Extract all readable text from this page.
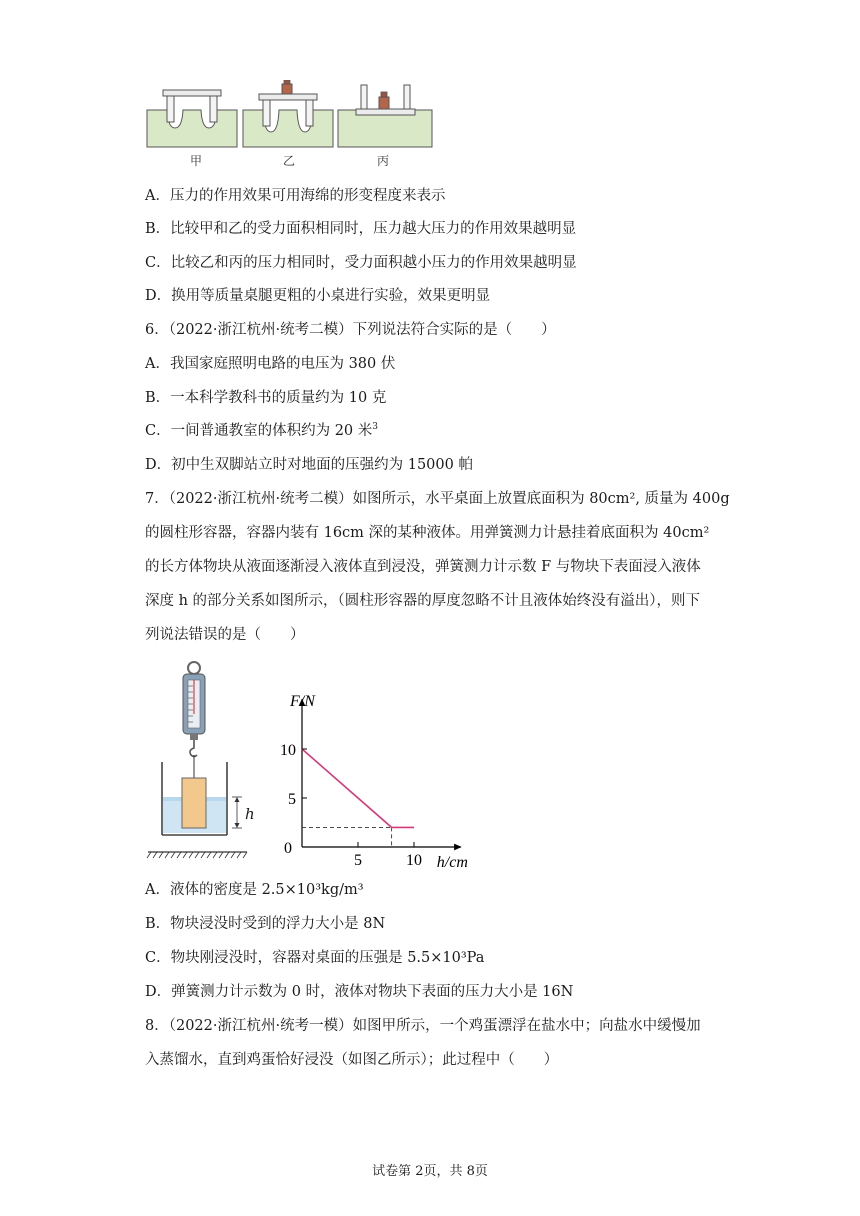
甲	乙	丙
A．压力的作用效果可用海绵的形变程度来表示
B．比较甲和乙的受力面积相同时，压力越大压力的作用效果越明显
C．比较乙和丙的压力相同时，受力面积越小压力的作用效果越明显
D．换用等质量桌腿更粗的小桌进行实验，效果更明显
6．（2022·浙江杭州·统考二模）下列说法符合实际的是（　　）
A．我国家庭照明电路的电压为 380 伏
B．一本科学教科书的质量约为 10 克
C．一间普通教室的体积约为 20 米$^3$
D．初中生双脚站立时对地面的压强约为 15000 帕
7．（2022·浙江杭州·统考二模）如图所示，水平桌面上放置底面积为 80cm², 质量为 400g
的圆柱形容器，容器内装有 16cm 深的某种液体。用弹簧测力计悬挂着底面积为 40cm²
的长方体物块从液面逐渐浸入液体直到浸没，弹簧测力计示数 F 与物块下表面浸入液体
深度 h 的部分关系如图所示，（圆柱形容器的厚度忽略不计且液体始终没有溢出），则下
列说法错误的是（　　）
h
5	10
5
10
F/N
h/cm
0
A．液体的密度是 2.5×10³kg/m³
B．物块浸没时受到的浮力大小是 8N
C．物块刚浸没时，容器对桌面的压强是 5.5×10³Pa
D．弹簧测力计示数为 0 时，液体对物块下表面的压力大小是 16N
8．（2022·浙江杭州·统考一模）如图甲所示，一个鸡蛋漂浮在盐水中；向盐水中缓慢加
入蒸馏水，直到鸡蛋恰好浸没（如图乙所示）；此过程中（　　）
试卷第 2页，共 8页
